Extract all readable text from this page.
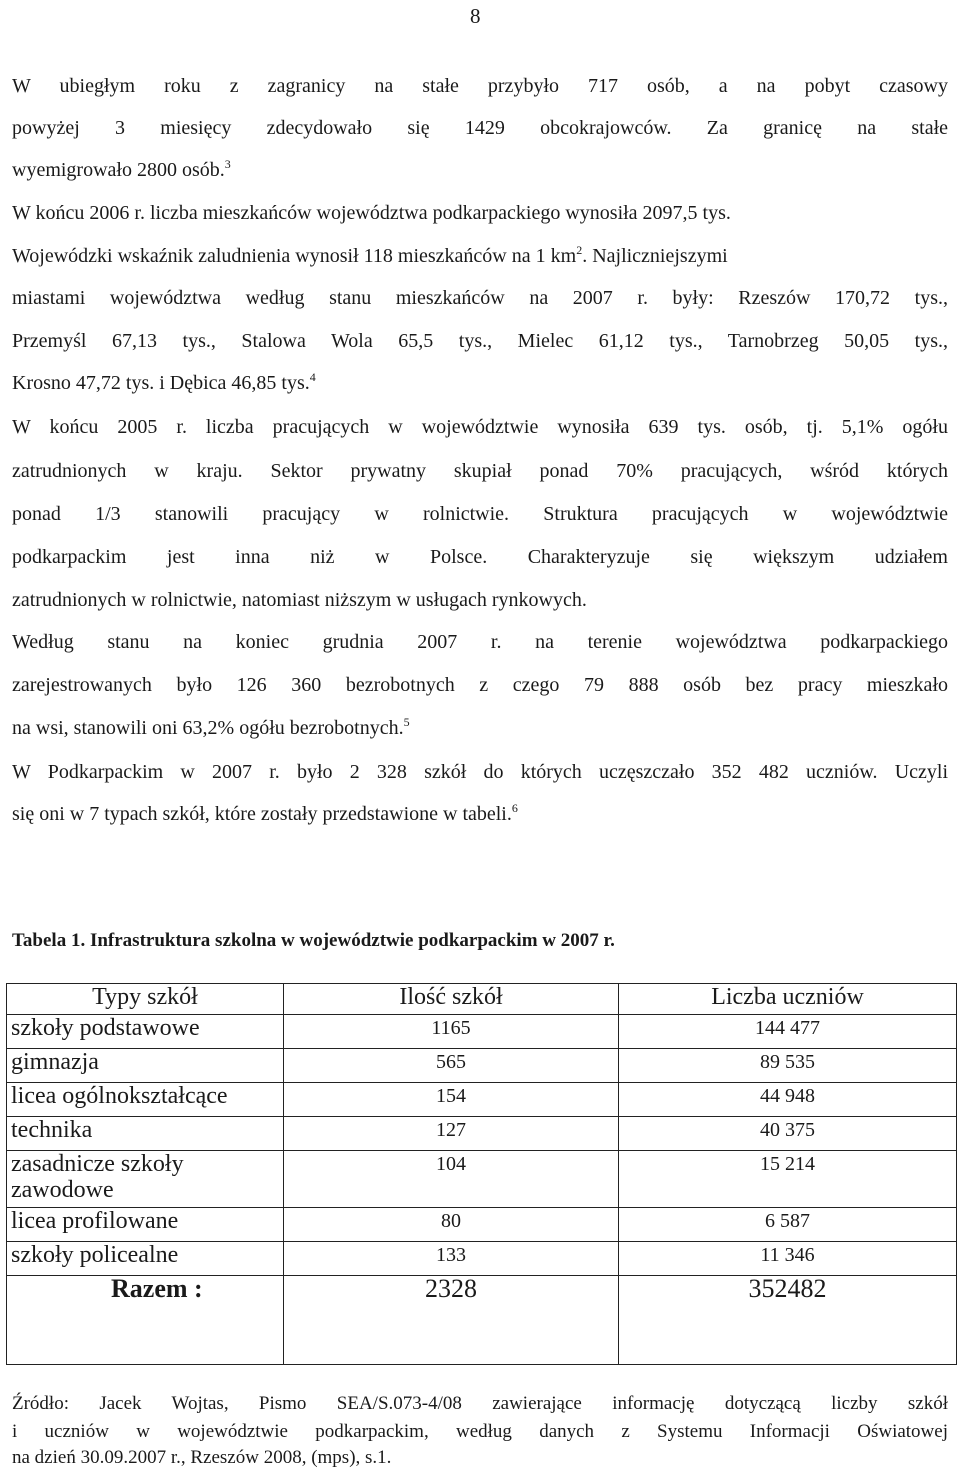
8
W ubiegłym roku z zagranicy na stałe przybyło 717 osób, a na pobyt czasowy
powyżej 3 miesięcy zdecydowało się 1429 obcokrajowców. Za granicę na stałe
wyemigrowało 2800 osób.$^3$
W końcu 2006 r. liczba mieszkańców województwa podkarpackiego wynosiła 2097,5 tys.
Wojewódzki wskaźnik zaludnienia wynosił 118 mieszkańców na 1 $km^2$. Najliczniejszymi
miastami województwa według stanu mieszkańców na 2007 r. były: Rzeszów 170,72 tys.,
Przemyśl 67,13 tys., Stalowa Wola 65,5 tys., Mielec 61,12 tys., Tarnobrzeg 50,05 tys.,
Krosno 47,72 tys. i Dębica 46,85 tys.$^4$
W końcu 2005 r. liczba pracujących w województwie wynosiła 639 tys. osób, tj. 5,1% ogółu
zatrudnionych w kraju. Sektor prywatny skupiał ponad 70% pracujących, wśród których
ponad 1/3 stanowili pracujący w rolnictwie. Struktura pracujących w województwie
podkarpackim jest inna niż w Polsce. Charakteryzuje się większym udziałem
zatrudnionych w rolnictwie, natomiast niższym w usługach rynkowych.
Według stanu na koniec grudnia 2007 r. na terenie województwa podkarpackiego
zarejestrowanych było 126 360 bezrobotnych z czego 79 888 osób bez pracy mieszkało
na wsi, stanowili oni 63,2% ogółu bezrobotnych.$^5$
W Podkarpackim w 2007 r. było 2 328 szkół do których uczęszczało 352 482 uczniów. Uczyli
się oni w 7 typach szkół, które zostały przedstawione w tabeli.$^6$
Tabela 1. Infrastruktura szkolna w województwie podkarpackim w 2007 r.
Typy szkół	Ilość szkół	Liczba uczniów
szkoły podstawowe	1165	144 477
gimnazja	565	89 535
licea ogólnokształcące	154	44 948
technika	127	40 375
zasadnicze szkoły zawodowe	104	15 214
licea profilowane	80	6 587
szkoły policealne	133	11 346
Razem :	2328	352482
Źródło: Jacek Wojtas, Pismo SEA/S.073-4/08 zawierające informację dotyczącą liczby szkół
i uczniów w województwie podkarpackim, według danych z Systemu Informacji Oświatowej
na dzień 30.09.2007 r., Rzeszów 2008, (mps), s.1.
